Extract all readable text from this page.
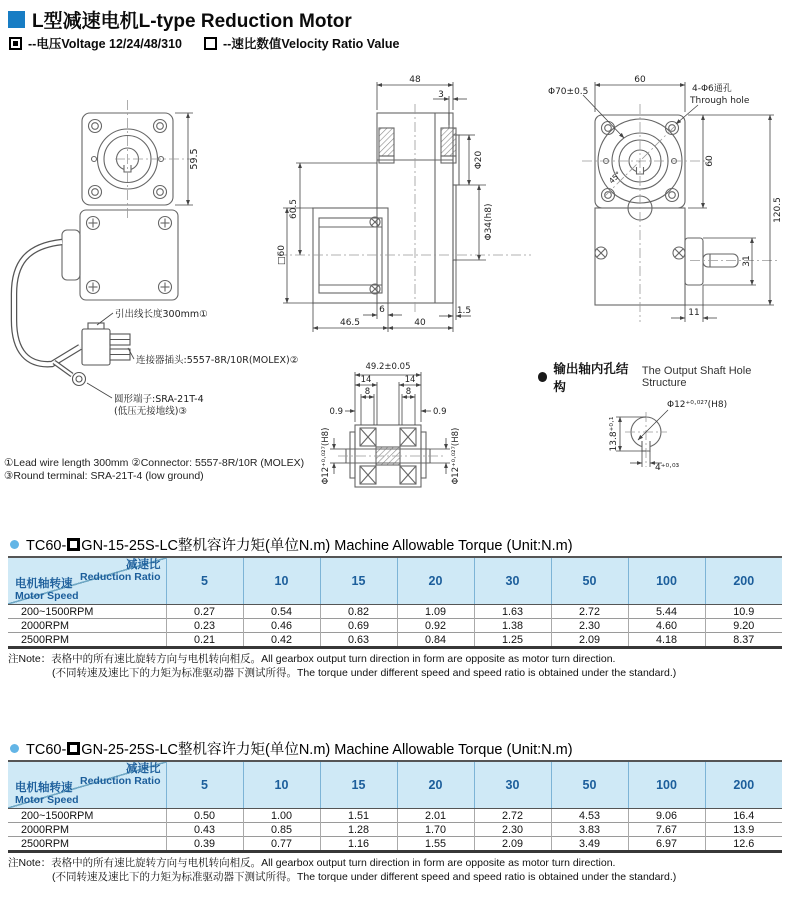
L型减速电机L-type Reduction Motor
--电压Voltage 12/24/48/310	--速比数值Velocity Ratio Value
59.5
引出线长度300mm①
连接器插头:5557-8R/10R(MOLEX)②
圆形端子:SRA-21T-4
(低压无接地线)③
48
3
Φ20
Φ34(h8)
60.5
□60
6	1.5
46.5	40
Φ70±0.5
60
4-Φ6通孔
Through hole
60
120.5
31
11
45°
49.2±0.05
14	14
8	8
0.9	0.9
Φ12⁺⁰·⁰²⁷(H8)	Φ12⁺⁰·⁰²⁷(H8)
输出轴内孔结构
The Output Shaft Hole Structure
Φ12⁺⁰·⁰²⁷(H8)
13.8⁺⁰·¹
4⁺⁰·⁰³
①Lead wire length 300mm ②Connector: 5557-8R/10R (MOLEX)
③Round terminal: SRA-21T-4 (low ground)
TC60- GN-15-25S-LC整机容许力矩(单位N.m) Machine Allowable Torque (Unit:N.m)
减速比
Reduction Ratio
电机轴转速
Motor Speed	5	10	15	20	30	50	100	200
200~1500RPM	0.27	0.54	0.82	1.09	1.63	2.72	5.44	10.9
2000RPM	0.23	0.46	0.69	0.92	1.38	2.30	4.60	9.20
2500RPM	0.21	0.42	0.63	0.84	1.25	2.09	4.18	8.37
注Note：表格中的所有速比旋转方向与电机转向相反。All gearbox output turn direction in form are opposite as motor turn direction.
(不同转速及速比下的力矩为标准驱动器下测试所得。The torque under different speed and speed ratio is obtained under the standard.)
TC60- GN-25-25S-LC整机容许力矩(单位N.m) Machine Allowable Torque (Unit:N.m)
减速比
Reduction Ratio
电机轴转速
Motor Speed	5	10	15	20	30	50	100	200
200~1500RPM	0.50	1.00	1.51	2.01	2.72	4.53	9.06	16.4
2000RPM	0.43	0.85	1.28	1.70	2.30	3.83	7.67	13.9
2500RPM	0.39	0.77	1.16	1.55	2.09	3.49	6.97	12.6
注Note：表格中的所有速比旋转方向与电机转向相反。All gearbox output turn direction in form are opposite as motor turn direction.
(不同转速及速比下的力矩为标准驱动器下测试所得。The torque under different speed and speed ratio is obtained under the standard.)
